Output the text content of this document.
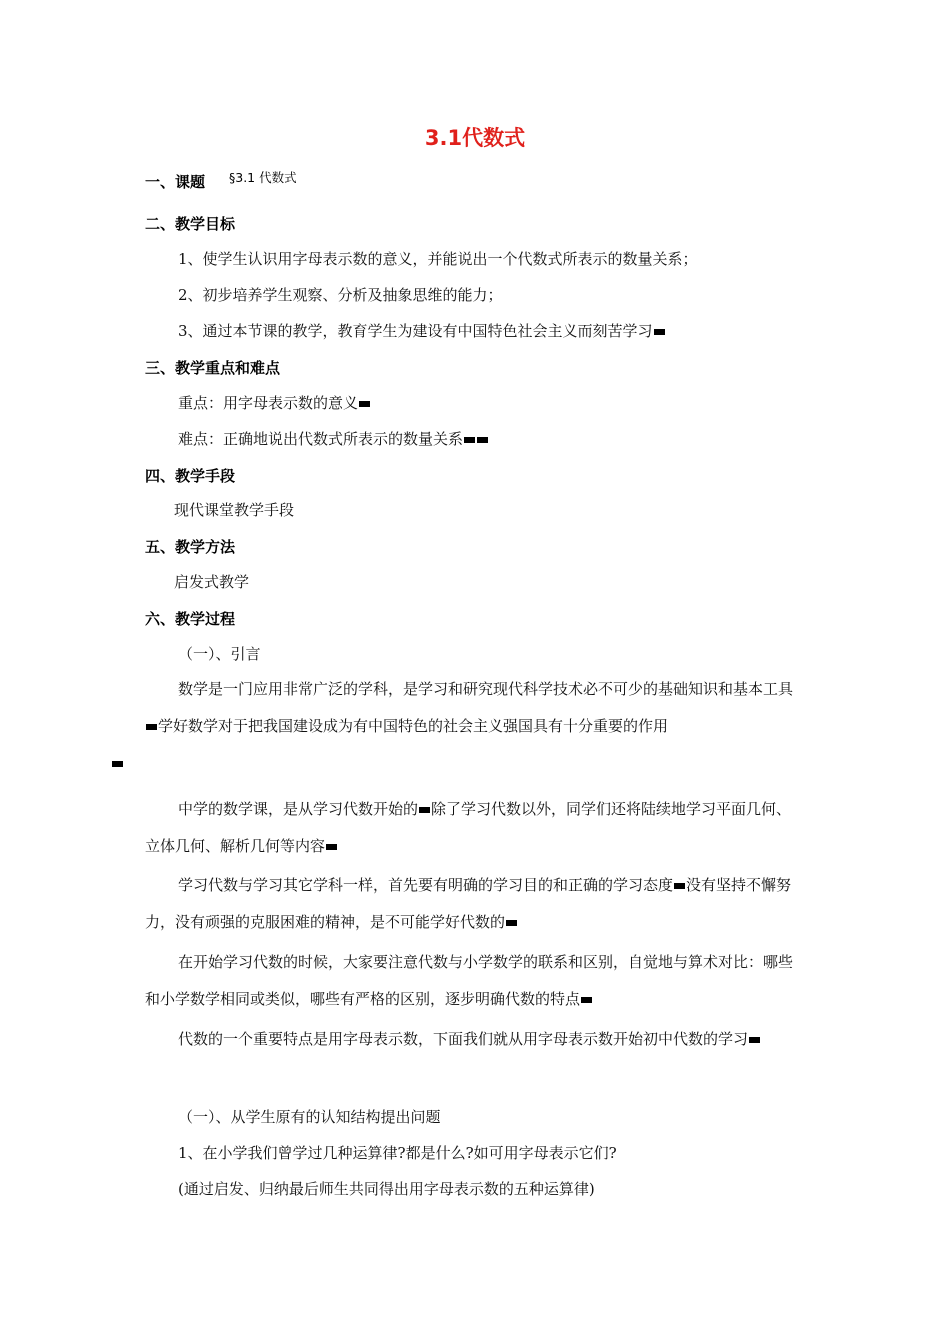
3.1代数式
一、课题 §3.1 代数式
二、教学目标
1、使学生认识用字母表示数的意义，并能说出一个代数式所表示的数量关系；
2、初步培养学生观察、分析及抽象思维的能力；
3、通过本节课的教学，教育学生为建设有中国特色社会主义而刻苦学习
三、教学重点和难点
重点：用字母表示数的意义
难点：正确地说出代数式所表示的数量关系
四、教学手段
现代课堂教学手段
五、教学方法
启发式教学
六、教学过程
（一）、引言
数学是一门应用非常广泛的学科，是学习和研究现代科学技术必不可少的基础知识和基本工具学好数学对于把我国建设成为有中国特色的社会主义强国具有十分重要的作用

中学的数学课，是从学习代数开始的 除了学习代数以外，同学们还将陆续地学习平面几何、立体几何、解析几何等内容
学习代数与学习其它学科一样，首先要有明确的学习目的和正确的学习态度 没有坚持不懈努力，没有顽强的克服困难的精神，是不可能学好代数的
在开始学习代数的时候，大家要注意代数与小学数学的联系和区别，自觉地与算术对比：哪些和小学数学相同或类似，哪些有严格的区别，逐步明确代数的特点
代数的一个重要特点是用字母表示数，下面我们就从用字母表示数开始初中代数的学习
（一）、从学生原有的认知结构提出问题
1、在小学我们曾学过几种运算律?都是什么?如可用字母表示它们?
(通过启发、归纳最后师生共同得出用字母表示数的五种运算律)
